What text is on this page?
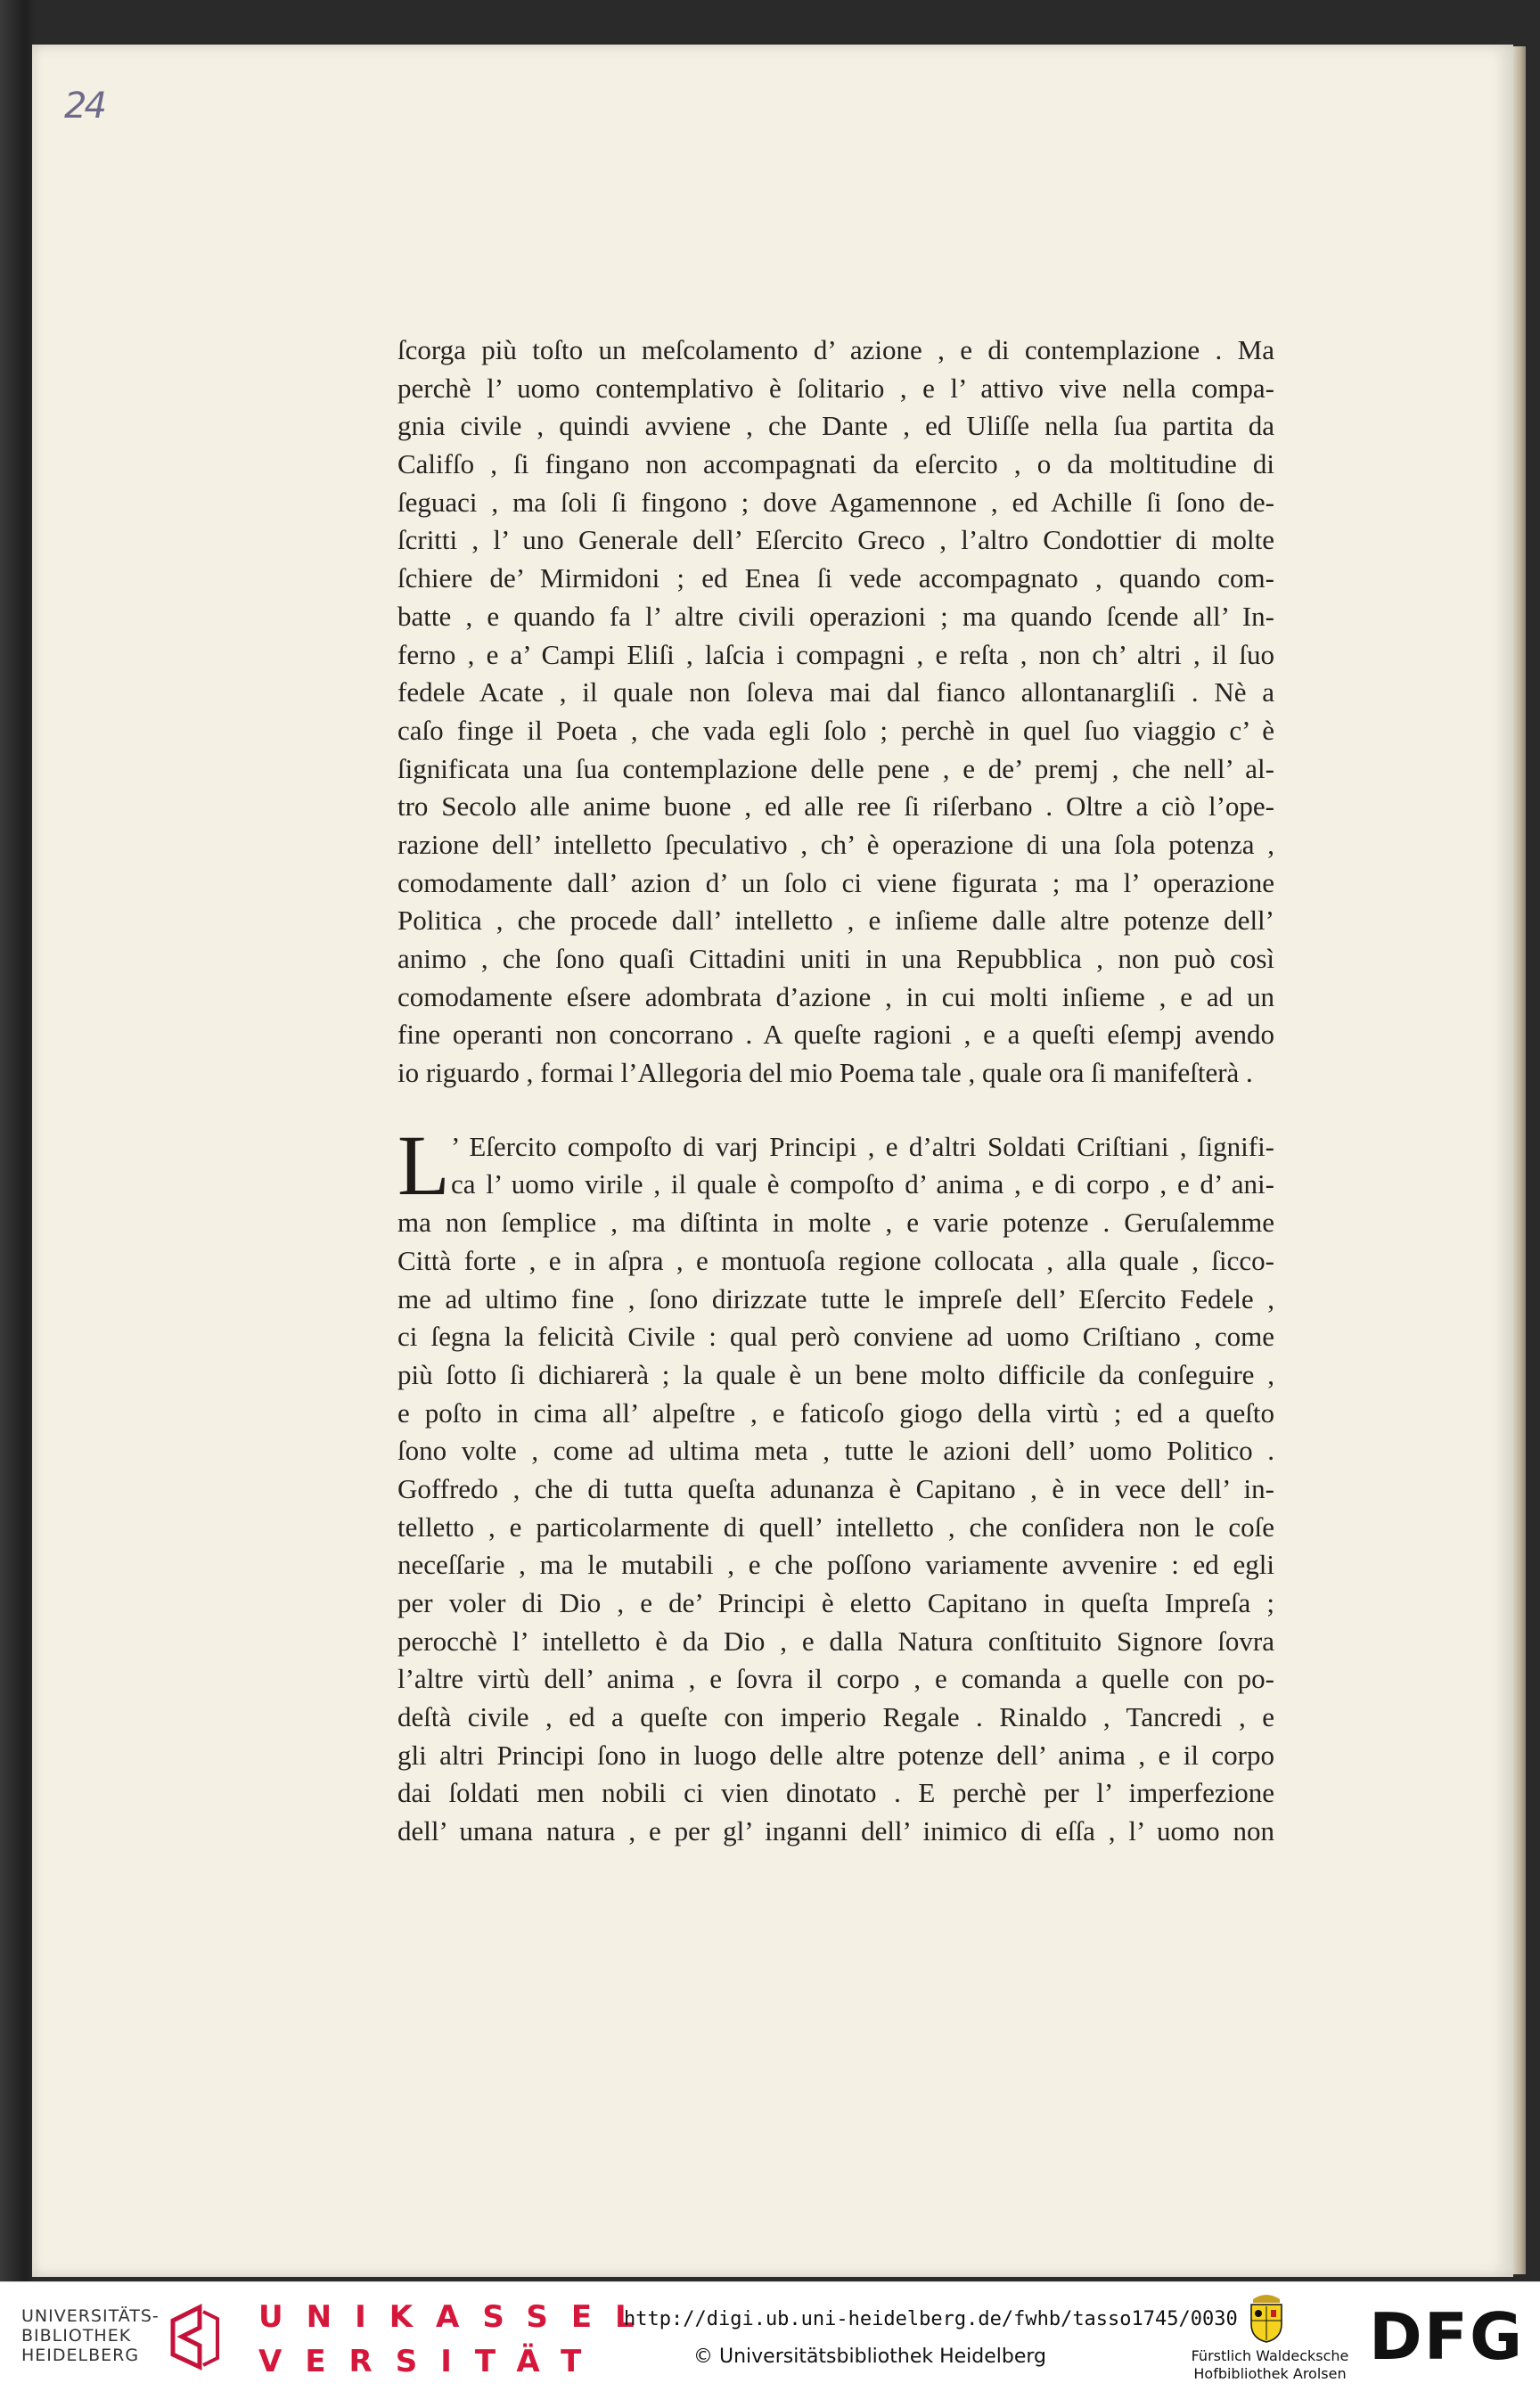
24
ſcorga più toſto un meſcolamento d’ azione , e di contemplazione . Ma
perchè l’ uomo contemplativo è ſolitario , e l’ attivo vive nella compa-
gnia civile , quindi avviene , che Dante , ed Uliſſe nella ſua partita da
Califſo , ſi fingano non accompagnati da eſercito , o da moltitudine di
ſeguaci , ma ſoli ſi fingono ; dove Agamennone , ed Achille ſi ſono de-
ſcritti , l’ uno Generale dell’ Eſercito Greco , l’altro Condottier di molte
ſchiere de’ Mirmidoni ; ed Enea ſi vede accompagnato , quando com-
batte , e quando fa l’ altre civili operazioni ; ma quando ſcende all’ In-
ferno , e a’ Campi Eliſi , laſcia i compagni , e reſta , non ch’ altri , il ſuo
fedele Acate , il quale non ſoleva mai dal fianco allontanargliſi . Nè a
caſo finge il Poeta , che vada egli ſolo ; perchè in quel ſuo viaggio c’ è
ſignificata una ſua contemplazione delle pene , e de’ premj , che nell’ al-
tro Secolo alle anime buone , ed alle ree ſi riſerbano . Oltre a ciò l’ope-
razione dell’ intelletto ſpeculativo , ch’ è operazione di una ſola potenza ,
comodamente dall’ azion d’ un ſolo ci viene figurata ; ma l’ operazione
Politica , che procede dall’ intelletto , e inſieme dalle altre potenze dell’
animo , che ſono quaſi Cittadini uniti in una Repubblica , non può così
comodamente eſsere adombrata d’azione , in cui molti inſieme , e ad un
fine operanti non concorrano . A queſte ragioni , e a queſti eſempj avendo
io riguardo , formai l’Allegoria del mio Poema tale , quale ora ſi manifeſterà .
L ’ Eſercito compoſto di varj Principi , e d’altri Soldati Criſtiani , ſignifi-
ca l’ uomo virile , il quale è compoſto d’ anima , e di corpo , e d’ ani-
ma non ſemplice , ma diſtinta in molte , e varie potenze . Geruſalemme
Città forte , e in aſpra , e montuoſa regione collocata , alla quale , ſicco-
me ad ultimo fine , ſono dirizzate tutte le impreſe dell’ Eſercito Fedele ,
ci ſegna la felicità Civile : qual però conviene ad uomo Criſtiano , come
più ſotto ſi dichiarerà ; la quale è un bene molto difficile da conſeguire ,
e poſto in cima all’ alpeſtre , e faticoſo giogo della virtù ; ed a queſto
ſono volte , come ad ultima meta , tutte le azioni dell’ uomo Politico .
Goffredo , che di tutta queſta adunanza è Capitano , è in vece dell’ in-
telletto , e particolarmente di quell’ intelletto , che conſidera non le coſe
neceſſarie , ma le mutabili , e che poſſono variamente avvenire : ed egli
per voler di Dio , e de’ Principi è eletto Capitano in queſta Impreſa ;
perocchè l’ intelletto è da Dio , e dalla Natura conſtituito Signore ſovra
l’altre virtù dell’ anima , e ſovra il corpo , e comanda a quelle con po-
deſtà civile , ed a queſte con imperio Regale . Rinaldo , Tancredi , e
gli altri Principi ſono in luogo delle altre potenze dell’ anima , e il corpo
dai ſoldati men nobili ci vien dinotato . E perchè per l’ imperfezione
dell’ umana natura , e per gl’ inganni dell’ inimico di eſſa , l’ uomo non
UNIVERSITÄTS-
BIBLIOTHEK
HEIDELBERG
UNIKASSEL
VERSITÄT
http://digi.ub.uni-heidelberg.de/fwhb/tasso1745/0030
© Universitätsbibliothek Heidelberg	Fürstlich Waldecksche
Hofbibliothek Arolsen DFG
